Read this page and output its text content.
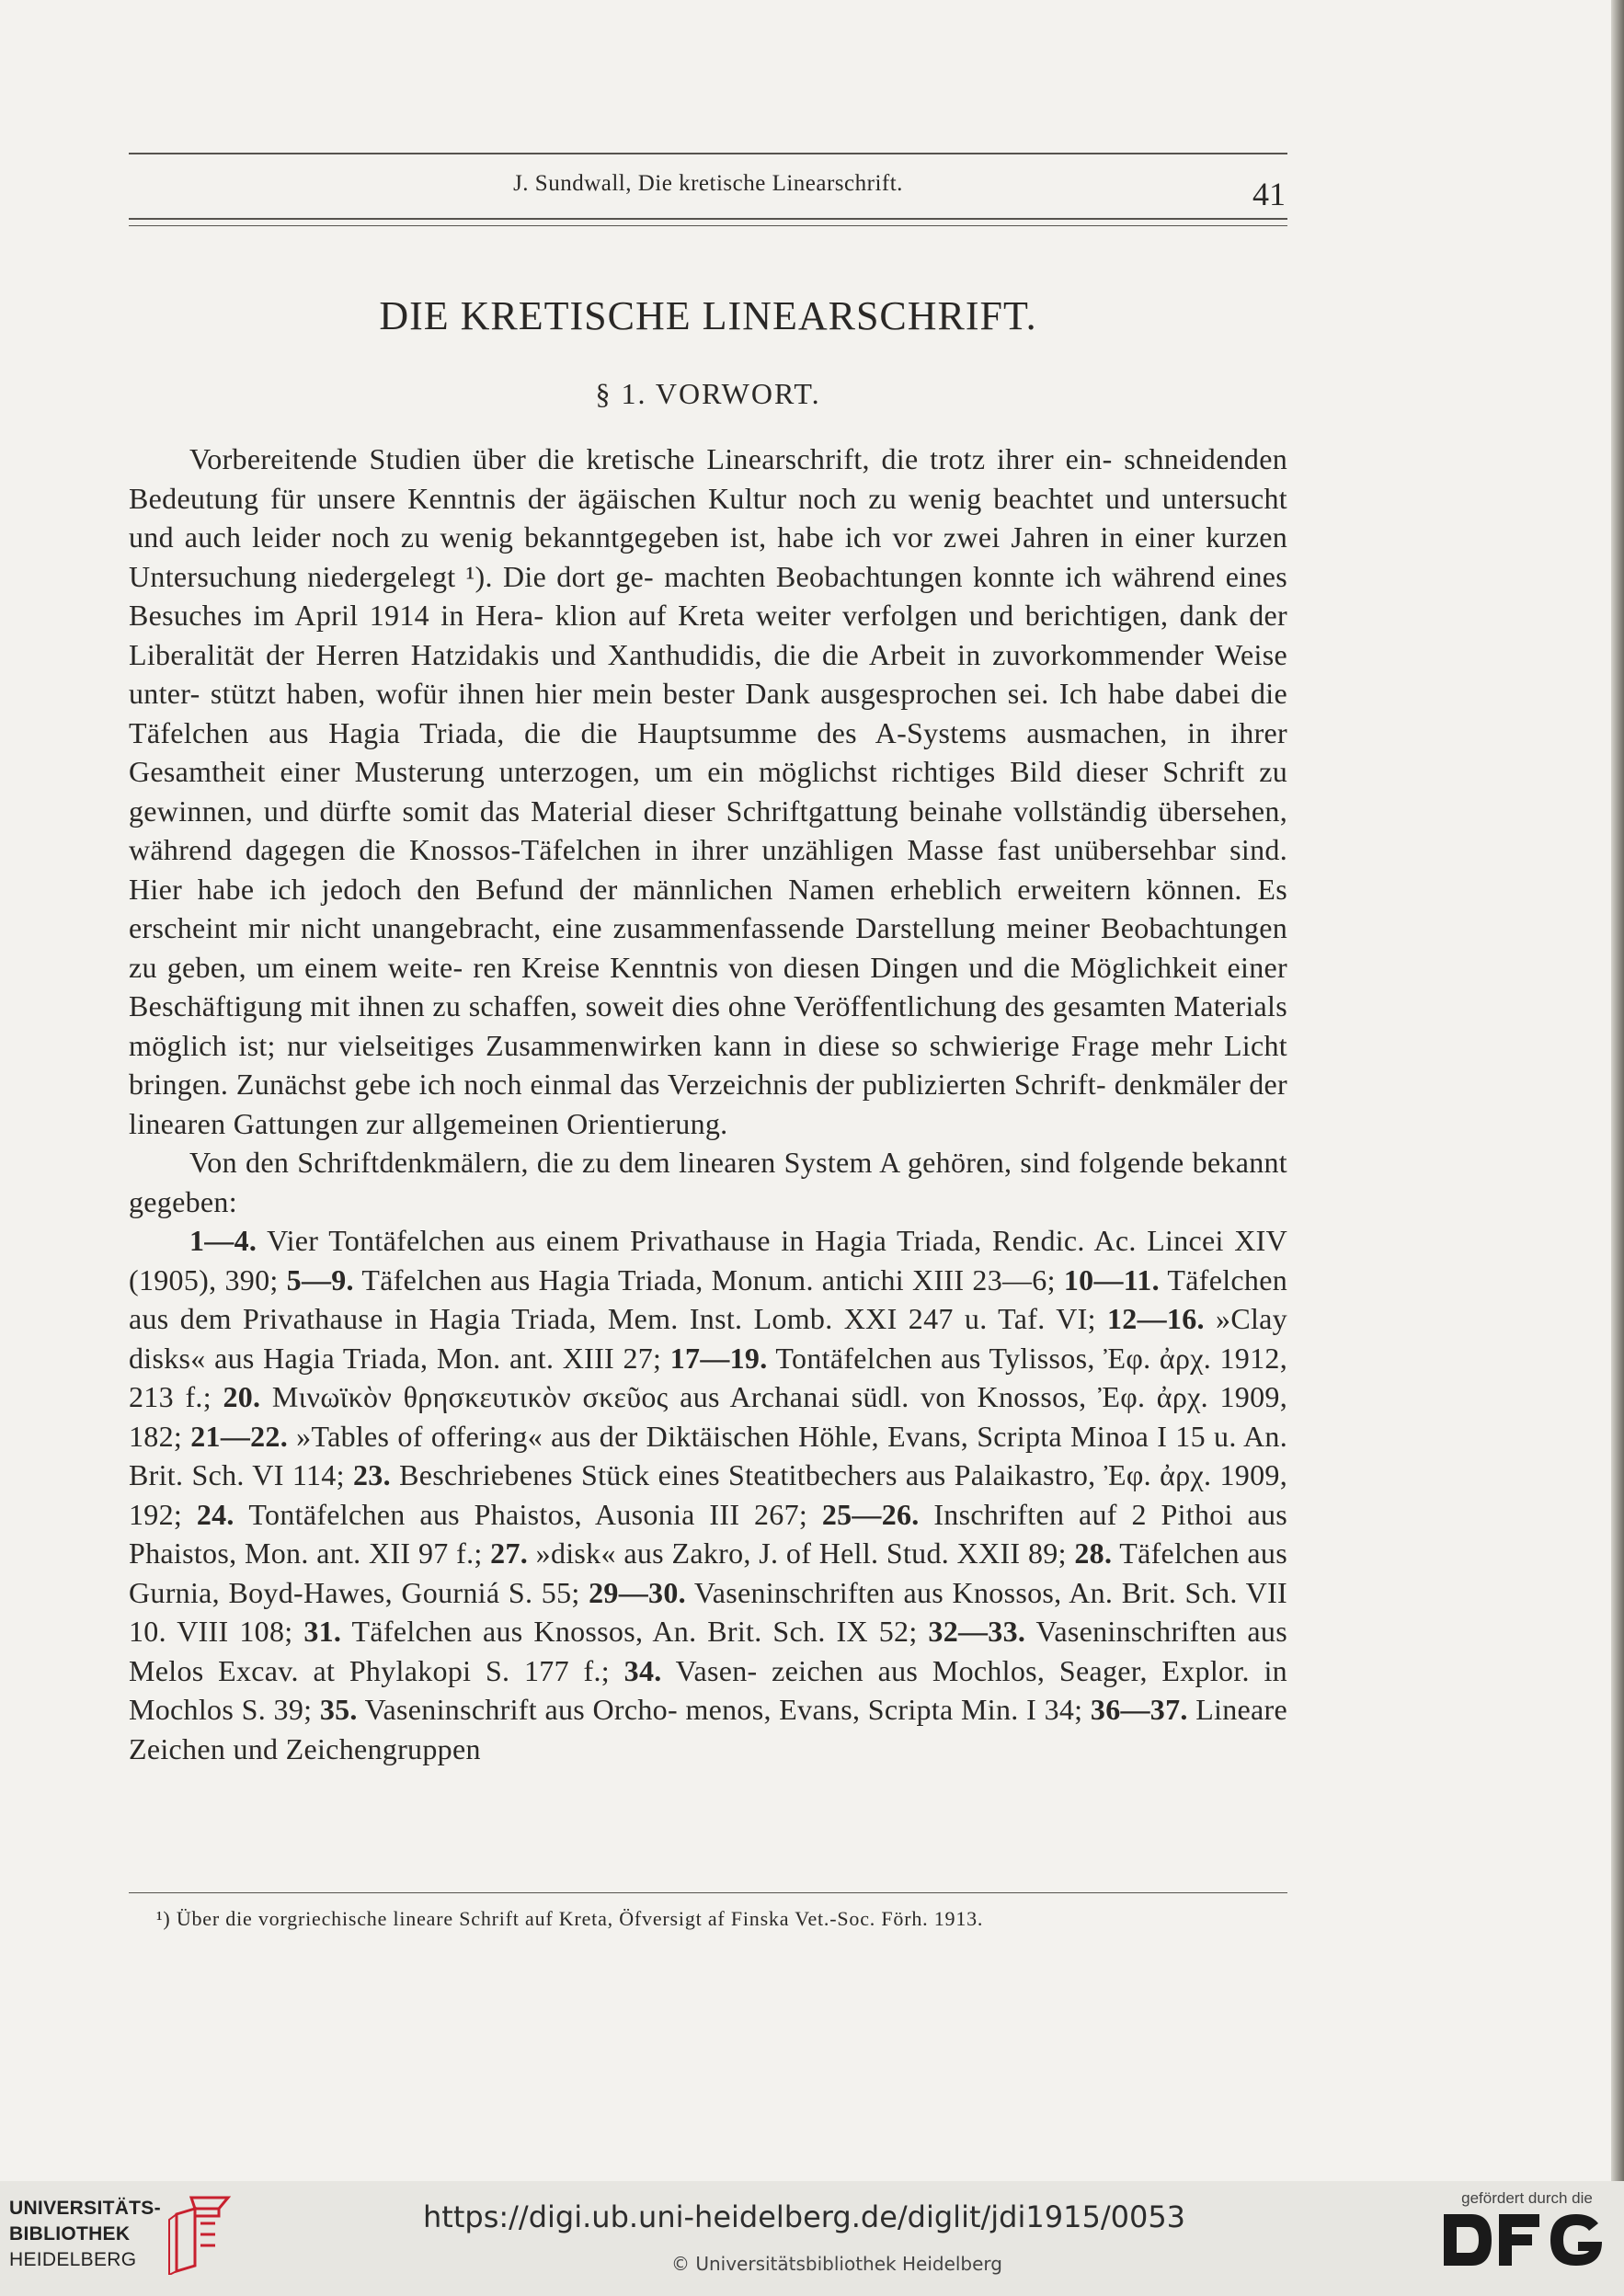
J. Sundwall, Die kretische Linearschrift.	41
DIE KRETISCHE LINEARSCHRIFT.
§ 1. VORWORT.

Vorbereitende Studien über die kretische Linearschrift, die trotz ihrer ein- schneidenden Bedeutung für unsere Kenntnis der ägäischen Kultur noch zu wenig beachtet und untersucht und auch leider noch zu wenig bekanntgegeben ist, habe ich vor zwei Jahren in einer kurzen Untersuchung niedergelegt ¹). Die dort ge- machten Beobachtungen konnte ich während eines Besuches im April 1914 in Hera- klion auf Kreta weiter verfolgen und berichtigen, dank der Liberalität der Herren Hatzidakis und Xanthudidis, die die Arbeit in zuvorkommender Weise unter- stützt haben, wofür ihnen hier mein bester Dank ausgesprochen sei. Ich habe dabei die Täfelchen aus Hagia Triada, die die Hauptsumme des A-Systems ausmachen, in ihrer Gesamtheit einer Musterung unterzogen, um ein möglichst richtiges Bild dieser Schrift zu gewinnen, und dürfte somit das Material dieser Schriftgattung beinahe vollständig übersehen, während dagegen die Knossos-Täfelchen in ihrer unzähligen Masse fast unübersehbar sind. Hier habe ich jedoch den Befund der männlichen Namen erheblich erweitern können. Es erscheint mir nicht unangebracht, eine zusammenfassende Darstellung meiner Beobachtungen zu geben, um einem weite- ren Kreise Kenntnis von diesen Dingen und die Möglichkeit einer Beschäftigung mit ihnen zu schaffen, soweit dies ohne Veröffentlichung des gesamten Materials möglich ist; nur vielseitiges Zusammenwirken kann in diese so schwierige Frage mehr Licht bringen. Zunächst gebe ich noch einmal das Verzeichnis der publizierten Schrift- denkmäler der linearen Gattungen zur allgemeinen Orientierung.

Von den Schriftdenkmälern, die zu dem linearen System A gehören, sind folgende bekannt gegeben:

1—4. Vier Tontäfelchen aus einem Privathause in Hagia Triada, Rendic. Ac. Lincei XIV (1905), 390; 5—9. Täfelchen aus Hagia Triada, Monum. antichi XIII 23—6; 10—11. Täfelchen aus dem Privathause in Hagia Triada, Mem. Inst. Lomb. XXI 247 u. Taf. VI; 12—16. »Clay disks« aus Hagia Triada, Mon. ant. XIII 27; 17—19. Tontäfelchen aus Tylissos, Ἐφ. ἀρχ. 1912, 213 f.; 20. Μινωϊκὸν θρησκευτικὸν σκεῦος aus Archanai südl. von Knossos, Ἐφ. ἀρχ. 1909, 182; 21—22. »Tables of offering« aus der Diktäischen Höhle, Evans, Scripta Minoa I 15 u. An. Brit. Sch. VI 114; 23. Beschriebenes Stück eines Steatitbechers aus Palaikastro, Ἐφ. ἀρχ. 1909, 192; 24. Tontäfelchen aus Phaistos, Ausonia III 267; 25—26. Inschriften auf 2 Pithoi aus Phaistos, Mon. ant. XII 97 f.; 27. »disk« aus Zakro, J. of Hell. Stud. XXII 89; 28. Täfelchen aus Gurnia, Boyd-Hawes, Gourniá S. 55; 29—30. Vaseninschriften aus Knossos, An. Brit. Sch. VII 10. VIII 108; 31. Täfelchen aus Knossos, An. Brit. Sch. IX 52; 32—33. Vaseninschriften aus Melos Excav. at Phylakopi S. 177 f.; 34. Vasen- zeichen aus Mochlos, Seager, Explor. in Mochlos S. 39; 35. Vaseninschrift aus Orcho- menos, Evans, Scripta Min. I 34; 36—37. Lineare Zeichen und Zeichengruppen

¹) Über die vorgriechische lineare Schrift auf Kreta, Öfversigt af Finska Vet.-Soc. Förh. 1913.
UNIVERSITÄTS-
BIBLIOTHEK
HEIDELBERG
https://digi.ub.uni-heidelberg.de/diglit/jdi1915/0053
© Universitätsbibliothek Heidelberg
gefördert durch die
